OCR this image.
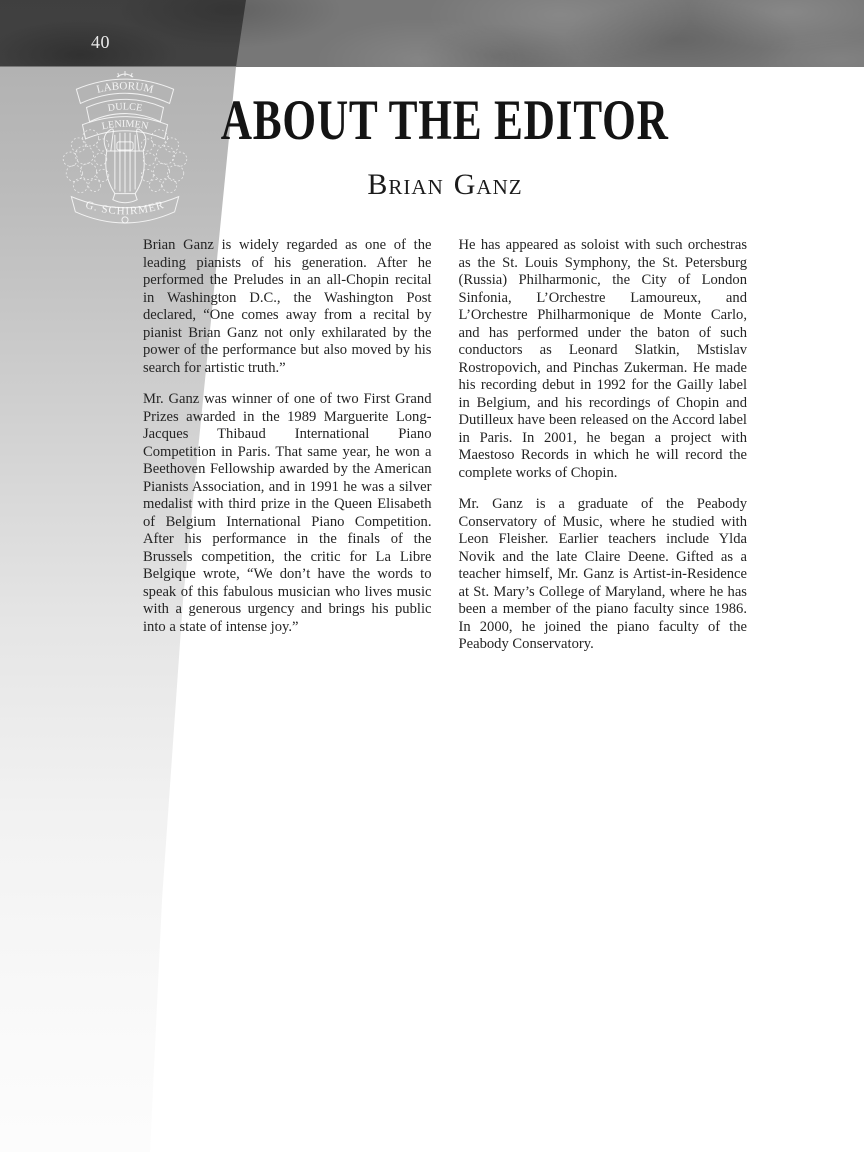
40
LABORUM
DULCE
LENIMEN
G. SCHIRMER
ABOUT THE EDITOR
BRIAN GANZ

Brian Ganz is widely regarded as one of the leading pianists of his generation. After he performed the Preludes in an all-Chopin recital in Washington D.C., the Washington Post declared, “One comes away from a recital by pianist Brian Ganz not only exhilarated by the power of the performance but also moved by his search for artistic truth.”

Mr. Ganz was winner of one of two First Grand Prizes awarded in the 1989 Marguerite Long-Jacques Thibaud International Piano Competition in Paris. That same year, he won a Beethoven Fellowship awarded by the American Pianists Association, and in 1991 he was a silver medalist with third prize in the Queen Elisabeth of Belgium International Piano Competition. After his performance in the finals of the Brussels competition, the critic for La Libre Belgique wrote, “We don’t have the words to speak of this fabulous musician who lives music with a generous urgency and brings his public into a state of intense joy.”

He has appeared as soloist with such orchestras as the St. Louis Symphony, the St. Petersburg (Russia) Philharmonic, the City of London Sinfonia, L’Orchestre Lamoureux, and L’Orchestre Philharmonique de Monte Carlo, and has performed under the baton of such conductors as Leonard Slatkin, Mstislav Rostropovich, and Pinchas Zukerman. He made his recording debut in 1992 for the Gailly label in Belgium, and his recordings of Chopin and Dutilleux have been released on the Accord label in Paris. In 2001, he began a project with Maestoso Records in which he will record the complete works of Chopin.

Mr. Ganz is a graduate of the Peabody Conservatory of Music, where he studied with Leon Fleisher. Earlier teachers include Ylda Novik and the late Claire Deene. Gifted as a teacher himself, Mr. Ganz is Artist-in-Residence at St. Mary’s College of Maryland, where he has been a member of the piano faculty since 1986. In 2000, he joined the piano faculty of the Peabody Conservatory.
